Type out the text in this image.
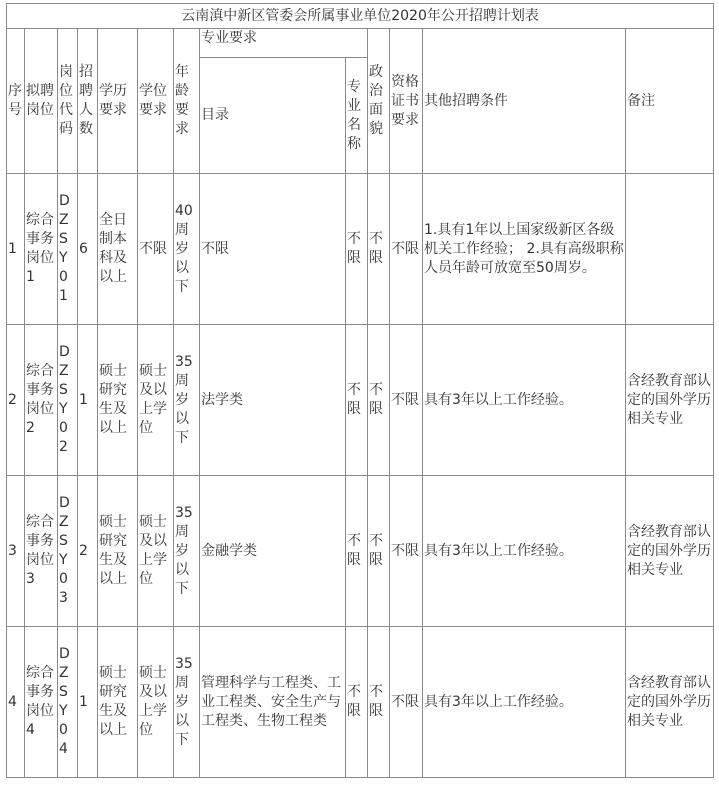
云南滇中新区管委会所属事业单位2020年公开招聘计划表												
序号	拟聘岗位	岗位代码	招聘人数	学历要求	学位要求	年龄要求	专业要求		政治面貌	资格证书要求	其他招聘条件	备注
							目录	专业名称				
1	综合事务岗位1	DZSY01	6	全日制本科及以上	不限	40周岁以下	不限	不限	不限	不限	1.具有1年以上国家级新区各级机关工作经验； 2.具有高级职称人员年龄可放宽至50周岁。	
2	综合事务岗位2	DZSY02	1	硕士研究生及以上	硕士及以上学位	35周岁以下	法学类	不限	不限	不限	具有3年以上工作经验。	含经教育部认定的国外学历相关专业
3	综合事务岗位3	DZSY03	2	硕士研究生及以上	硕士及以上学位	35周岁以下	金融学类	不限	不限	不限	具有3年以上工作经验。	含经教育部认定的国外学历相关专业
4	综合事务岗位4	DZSY04	1	硕士研究生及以上	硕士及以上学位	35周岁以下	管理科学与工程类、工业工程类、安全生产与工程类、生物工程类	不限	不限	不限	具有3年以上工作经验。	含经教育部认定的国外学历相关专业
